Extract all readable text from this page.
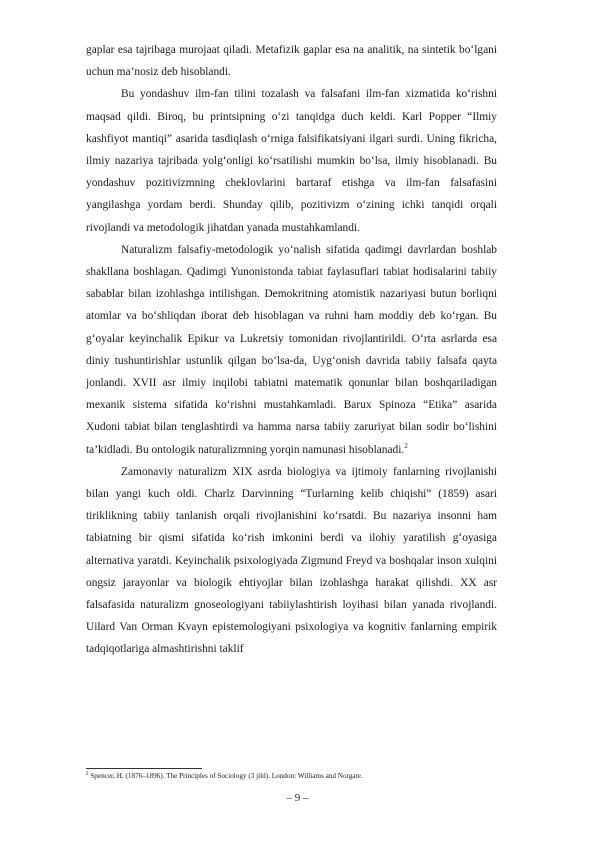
gaplar esa tajribaga murojaat qiladi. Metafizik gaplar esa na analitik, na sintetik bo‘lgani uchun ma’nosiz deb hisoblandi.

Bu yondashuv ilm-fan tilini tozalash va falsafani ilm-fan xizmatida ko‘rishni maqsad qildi. Biroq, bu printsipning o‘zi tanqidga duch keldi. Karl Popper “Ilmiy kashfiyot mantiqi” asarida tasdiqlash o‘rniga falsifikatsiyani ilgari surdi. Uning fikricha, ilmiy nazariya tajribada yolg‘onligi ko‘rsatilishi mumkin bo‘lsa, ilmiy hisoblanadi. Bu yondashuv pozitivizmning cheklovlarini bartaraf etishga va ilm-fan falsafasini yangilashga yordam berdi. Shunday qilib, pozitivizm o‘zining ichki tanqidi orqali rivojlandi va metodologik jihatdan yanada mustahkamlandi.

Naturalizm falsafiy-metodologik yo‘nalish sifatida qadimgi davrlardan boshlab shakllana boshlagan. Qadimgi Yunonistonda tabiat faylasuflari tabiat hodisalarini tabiiy sabablar bilan izohlashga intilishgan. Demokritning atomistik nazariyasi butun borliqni atomlar va bo‘shliqdan iborat deb hisoblagan va ruhni ham moddiy deb ko‘rgan. Bu g‘oyalar keyinchalik Epikur va Lukretsiy tomonidan rivojlantirildi. O‘rta asrlarda esa diniy tushuntirishlar ustunlik qilgan bo‘lsa-da, Uyg‘onish davrida tabiiy falsafa qayta jonlandi. XVII asr ilmiy inqilobi tabiatni matematik qonunlar bilan boshqariladigan mexanik sistema sifatida ko‘rishni mustahkamladi. Barux Spinoza “Etika” asarida Xudoni tabiat bilan tenglashtirdi va hamma narsa tabiiy zaruriyat bilan sodir bo‘lishini ta’kidladi. Bu ontologik naturalizmning yorqin namunasi hisoblanadi.$^2$

Zamonaviy naturalizm XIX asrda biologiya va ijtimoiy fanlarning rivojlanishi bilan yangi kuch oldi. Charlz Darvinning “Turlarning kelib chiqishi” (1859) asari tiriklikning tabiiy tanlanish orqali rivojlanishini ko‘rsatdi. Bu nazariya insonni ham tabiatning bir qismi sifatida ko‘rish imkonini berdi va ilohiy yaratilish g‘oyasiga alternativa yaratdi. Keyinchalik psixologiyada Zigmund Freyd va boshqalar inson xulqini ongsiz jarayonlar va biologik ehtiyojlar bilan izohlashga harakat qilishdi. XX asr falsafasida naturalizm gnoseologiyani tabiiylashtirish loyihasi bilan yanada rivojlandi. Uilard Van Orman Kvayn epistemologiyani psixologiya va kognitiv fanlarning empirik tadqiqotlariga almashtirishni taklif

$^2$ Spencer, H. (1876–1896). The Principles of Sociology (3 jild). London: Williams and Norgate.
– 9 –
